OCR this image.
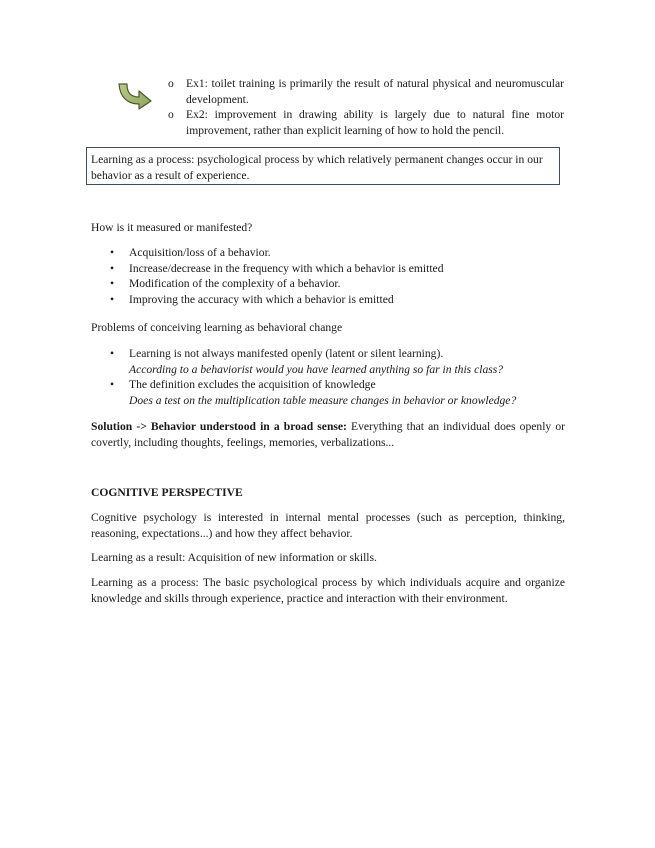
o Ex1: toilet training is primarily the result of natural physical and neuromuscular development.
o Ex2: improvement in drawing ability is largely due to natural fine motor improvement, rather than explicit learning of how to hold the pencil.
Learning as a process: psychological process by which relatively permanent changes occur in our behavior as a result of experience.

How is it measured or manifested?

• Acquisition/loss of a behavior.
• Increase/decrease in the frequency with which a behavior is emitted
• Modification of the complexity of a behavior.
• Improving the accuracy with which a behavior is emitted

Problems of conceiving learning as behavioral change

• Learning is not always manifested openly (latent or silent learning).
According to a behaviorist would you have learned anything so far in this class?
• The definition excludes the acquisition of knowledge
Does a test on the multiplication table measure changes in behavior or knowledge?

Solution -> Behavior understood in a broad sense: Everything that an individual does openly or covertly, including thoughts, feelings, memories, verbalizations...

COGNITIVE PERSPECTIVE

Cognitive psychology is interested in internal mental processes (such as perception, thinking, reasoning, expectations...) and how they affect behavior.

Learning as a result: Acquisition of new information or skills.

Learning as a process: The basic psychological process by which individuals acquire and organize knowledge and skills through experience, practice and interaction with their environment.
